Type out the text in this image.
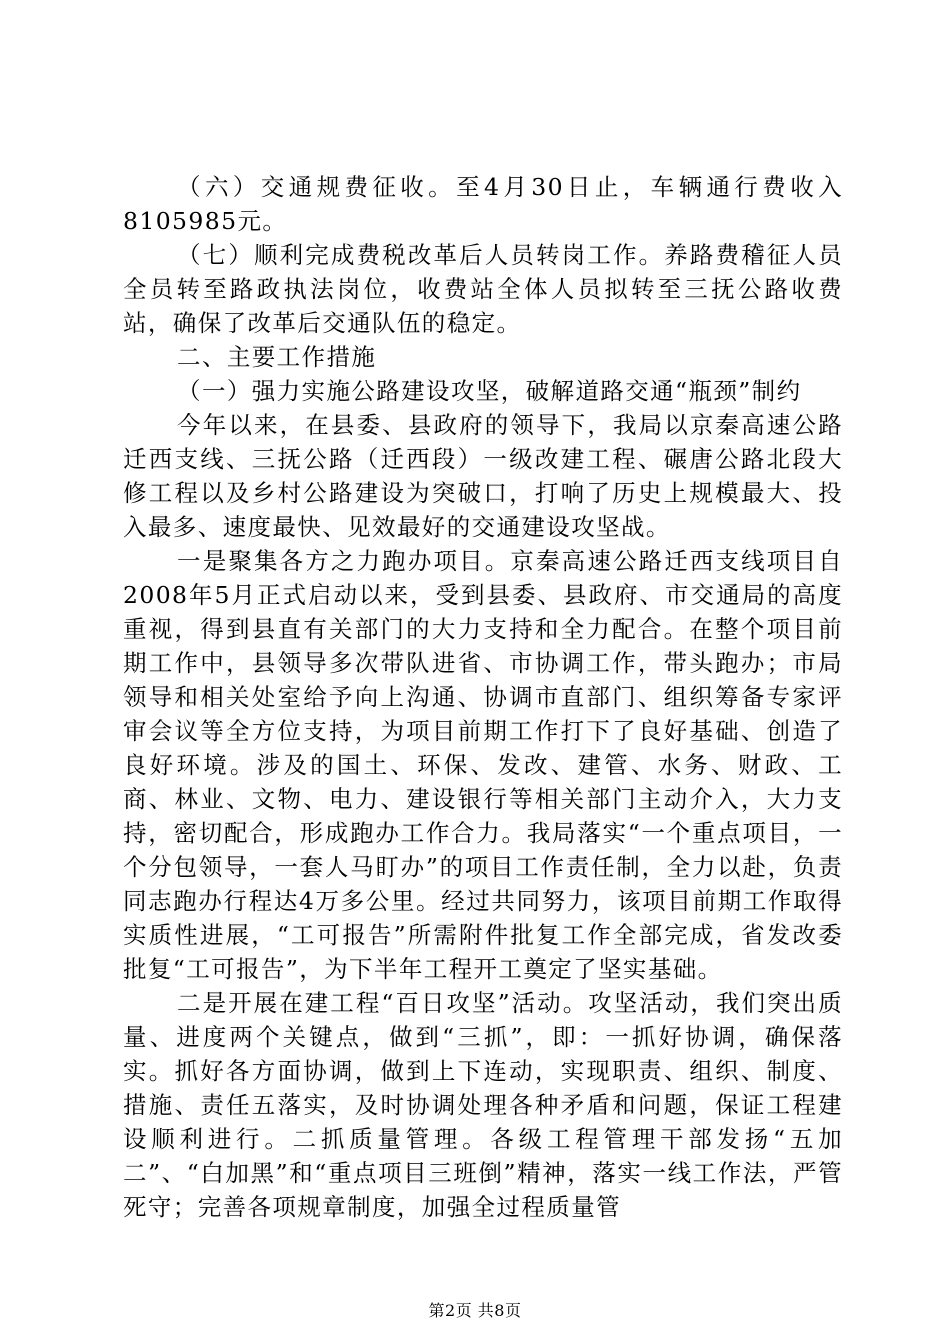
（六）交通规费征收。至4月30日止，车辆通行费收入8105985元。

（七）顺利完成费税改革后人员转岗工作。养路费稽征人员全员转至路政执法岗位，收费站全体人员拟转至三抚公路收费站，确保了改革后交通队伍的稳定。

二、主要工作措施

（一）强力实施公路建设攻坚，破解道路交通“瓶颈”制约

今年以来，在县委、县政府的领导下，我局以京秦高速公路迁西支线、三抚公路（迁西段）一级改建工程、碾唐公路北段大修工程以及乡村公路建设为突破口，打响了历史上规模最大、投入最多、速度最快、见效最好的交通建设攻坚战。

一是聚集各方之力跑办项目。京秦高速公路迁西支线项目自2008年5月正式启动以来，受到县委、县政府、市交通局的高度重视，得到县直有关部门的大力支持和全力配合。在整个项目前期工作中，县领导多次带队进省、市协调工作，带头跑办；市局领导和相关处室给予向上沟通、协调市直部门、组织筹备专家评审会议等全方位支持，为项目前期工作打下了良好基础、创造了良好环境。涉及的国土、环保、发改、建管、水务、财政、工商、林业、文物、电力、建设银行等相关部门主动介入，大力支持，密切配合，形成跑办工作合力。我局落实“一个重点项目，一个分包领导，一套人马盯办”的项目工作责任制，全力以赴，负责同志跑办行程达4万多公里。经过共同努力，该项目前期工作取得实质性进展，“工可报告”所需附件批复工作全部完成，省发改委批复“工可报告”，为下半年工程开工奠定了坚实基础。

二是开展在建工程“百日攻坚”活动。攻坚活动，我们突出质量、进度两个关键点，做到“三抓”，即：一抓好协调，确保落实。抓好各方面协调，做到上下连动，实现职责、组织、制度、措施、责任五落实，及时协调处理各种矛盾和问题，保证工程建设顺利进行。二抓质量管理。各级工程管理干部发扬“五加二”、“白加黑”和“重点项目三班倒”精神，落实一线工作法，严管死守；完善各项规章制度，加强全过程质量管

第2页 共8页
